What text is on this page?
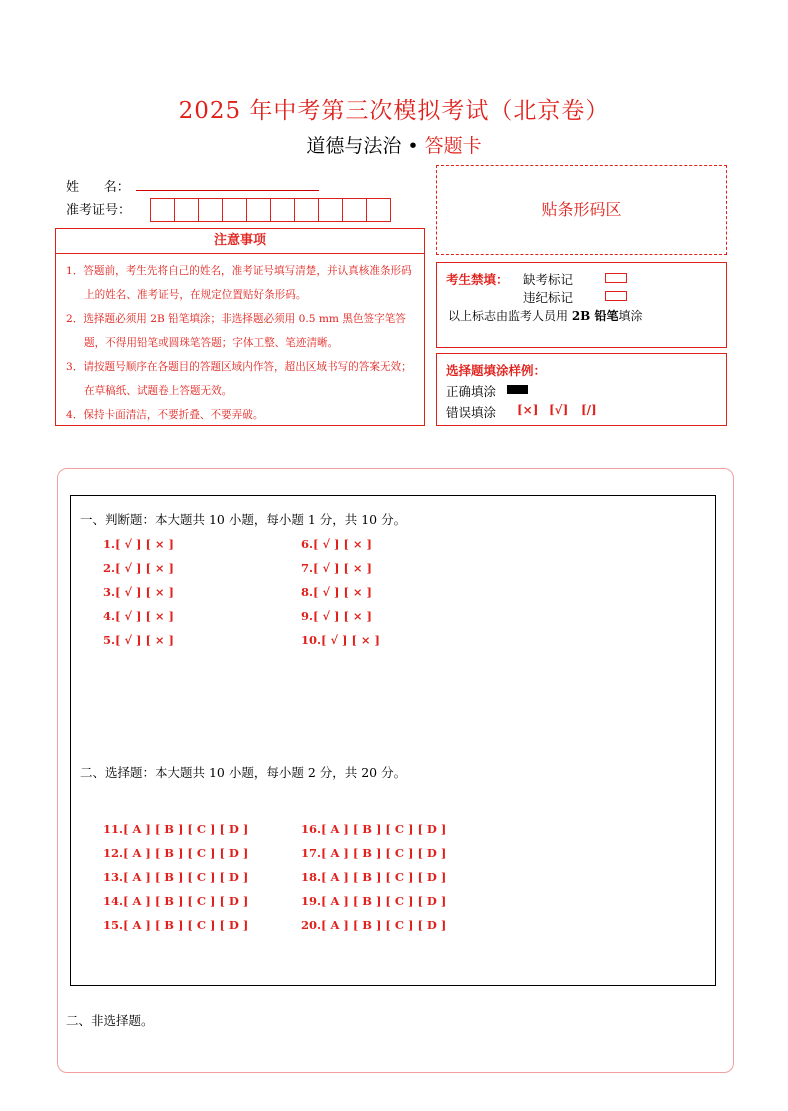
2025 年中考第三次模拟考试（北京卷）
道德与法治 • 答题卡
姓      名：
准考证号：
注意事项
1．答题前，考生先将自己的姓名，准考证号填写清楚，并认真核准条形码上的姓名、准考证号，在规定位置贴好条形码。
2．选择题必须用 2B 铅笔填涂；非选择题必须用 0.5 mm 黑色签字笔答题，不得用铅笔或圆珠笔答题；字体工整、笔迹清晰。
3．请按题号顺序在各题目的答题区域内作答，超出区域书写的答案无效；在草稿纸、试题卷上答题无效。
4．保持卡面清洁，不要折叠、不要弄破。
贴条形码区
考生禁填： 缺考标记
违纪标记
以上标志由监考人员用 2B 铅笔填涂
选择题填涂样例：
正确填涂
错误填涂 [×] [√] [/]
一、判断题：本大题共 10 小题，每小题 1 分，共 10 分。
1.[ √ ] [ × ]
2.[ √ ] [ × ]
3.[ √ ] [ × ]
4.[ √ ] [ × ]
5.[ √ ] [ × ]
6.[ √ ] [ × ]
7.[ √ ] [ × ]
8.[ √ ] [ × ]
9.[ √ ] [ × ]
10.[ √ ] [ × ]
二、选择题：本大题共 10 小题，每小题 2 分，共 20 分。
11.[ A ] [ B ] [ C ] [ D ]
12.[ A ] [ B ] [ C ] [ D ]
13.[ A ] [ B ] [ C ] [ D ]
14.[ A ] [ B ] [ C ] [ D ]
15.[ A ] [ B ] [ C ] [ D ]
16.[ A ] [ B ] [ C ] [ D ]
17.[ A ] [ B ] [ C ] [ D ]
18.[ A ] [ B ] [ C ] [ D ]
19.[ A ] [ B ] [ C ] [ D ]
20.[ A ] [ B ] [ C ] [ D ]
二、非选择题。
